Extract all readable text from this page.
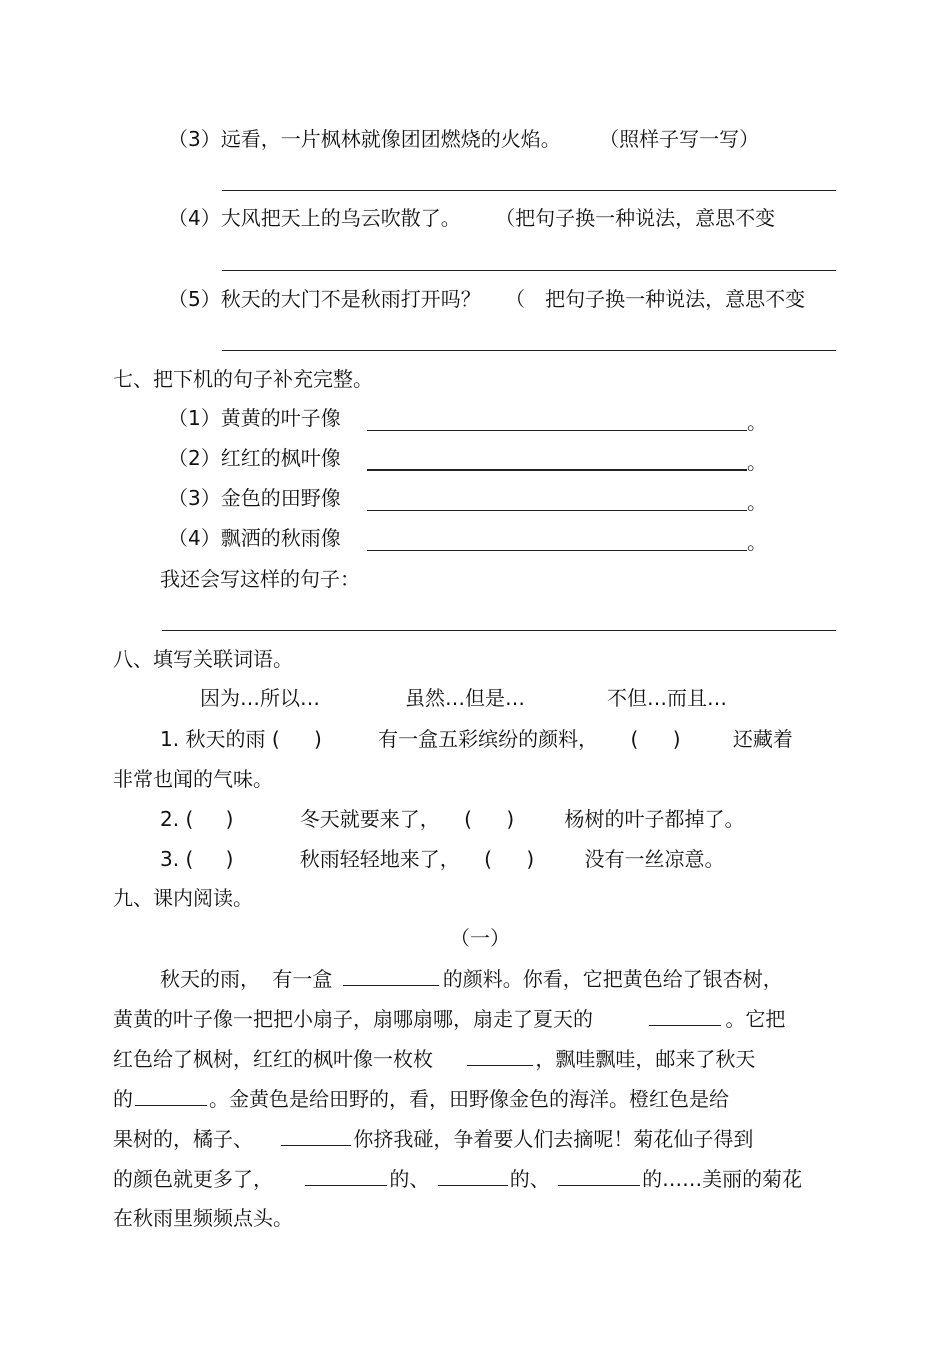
（3）远看，一片枫林就像团团燃烧的火焰。 （照样子写一写）
（4）大风把天上的乌云吹散了。 （把句子换一种说法，意思不变
（5）秋天的大门不是秋雨打开吗？ （ 把句子换一种说法，意思不变
七、把下机的句子补充完整。
（1）黄黄的叶子像	。
（2）红红的枫叶像	。
（3）金色的田野像	。
（4）飘洒的秋雨像	。
我还会写这样的句子：
八、填写关联词语。
因为…所以…	虽然…但是…	不但…而且…
1. 秋天的雨 ( )	有一盒五彩缤纷的颜料， ( )	还藏着
非常也闻的气味。
2. ( )	冬天就要来了， ( )	杨树的叶子都掉了。
3. ( )	秋雨轻轻地来了， ( )	没有一丝凉意。
九、课内阅读。
（一）
秋天的雨， 有一盒	的颜料。你看，它把黄色给了银杏树，
黄黄的叶子像一把把小扇子，扇哪扇哪，扇走了夏天的	。它把
红色给了枫树，红红的枫叶像一枚枚	，飘哇飘哇，邮来了秋天
的	。金黄色是给田野的，看，田野像金色的海洋。橙红色是给
果树的，橘子、	你挤我碰，争着要人们去摘呢！菊花仙子得到
的颜色就更多了，	的、	的、	的……美丽的菊花
在秋雨里频频点头。
